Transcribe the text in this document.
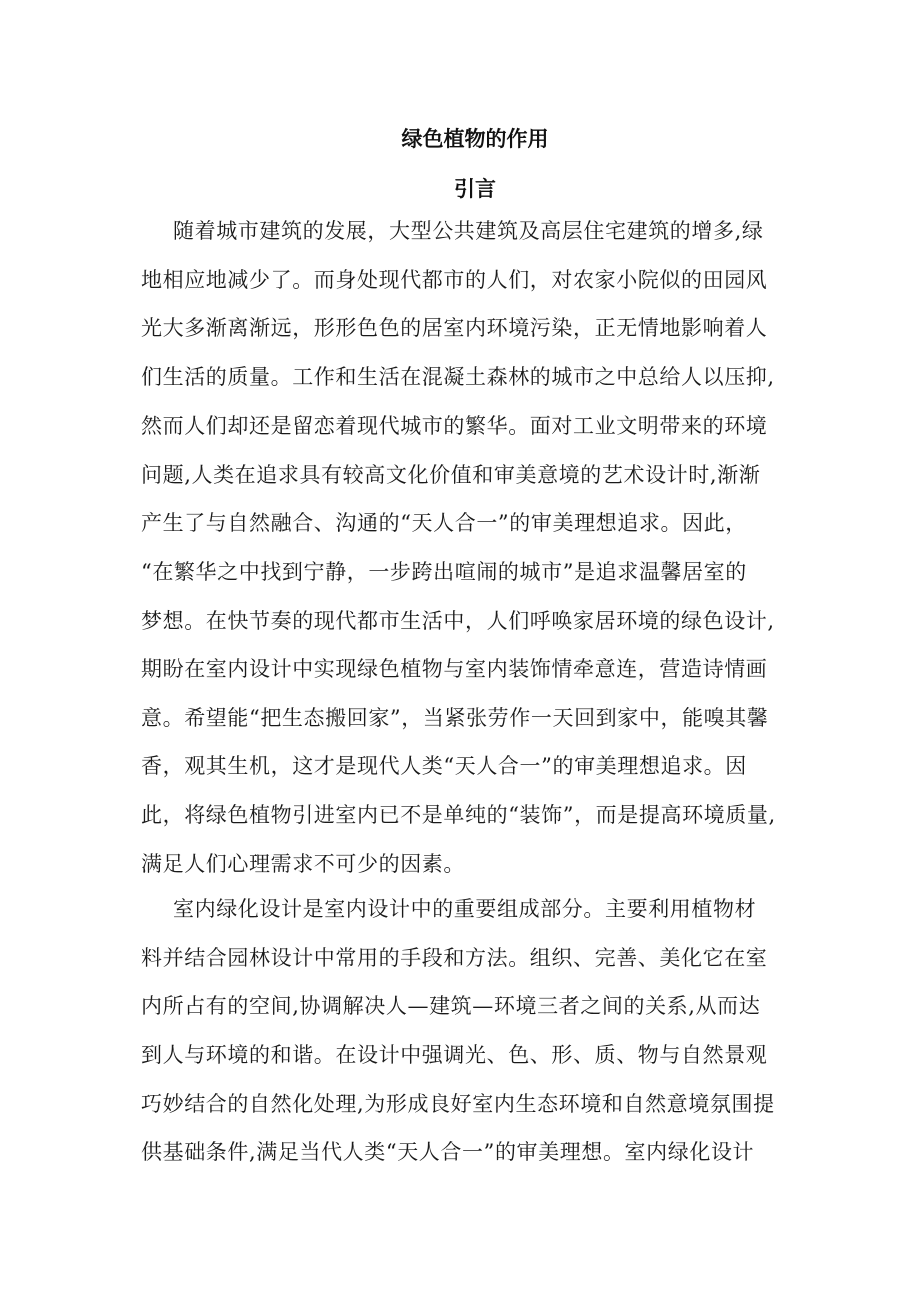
绿色植物的作用
引言
随着城市建筑的发展，大型公共建筑及高层住宅建筑的增多,绿
地相应地减少了。而身处现代都市的人们，对农家小院似的田园风
光大多渐离渐远，形形色色的居室内环境污染，正无情地影响着人
们生活的质量。工作和生活在混凝土森林的城市之中总给人以压抑,
然而人们却还是留恋着现代城市的繁华。面对工业文明带来的环境
问题,人类在追求具有较高文化价值和审美意境的艺术设计时,渐渐
产生了与自然融合、沟通的“天人合一”的审美理想追求。因此，
“在繁华之中找到宁静，一步跨出喧闹的城市”是追求温馨居室的
梦想。在快节奏的现代都市生活中，人们呼唤家居环境的绿色设计,
期盼在室内设计中实现绿色植物与室内装饰情牵意连，营造诗情画
意。希望能“把生态搬回家”，当紧张劳作一天回到家中，能嗅其馨
香，观其生机，这才是现代人类“天人合一”的审美理想追求。因
此，将绿色植物引进室内已不是单纯的“装饰”，而是提高环境质量,
满足人们心理需求不可少的因素。
室内绿化设计是室内设计中的重要组成部分。主要利用植物材
料并结合园林设计中常用的手段和方法。组织、完善、美化它在室
内所占有的空间,协调解决人—建筑—环境三者之间的关系,从而达
到人与环境的和谐。在设计中强调光、色、形、质、物与自然景观
巧妙结合的自然化处理,为形成良好室内生态环境和自然意境氛围提
供基础条件,满足当代人类“天人合一”的审美理想。室内绿化设计
